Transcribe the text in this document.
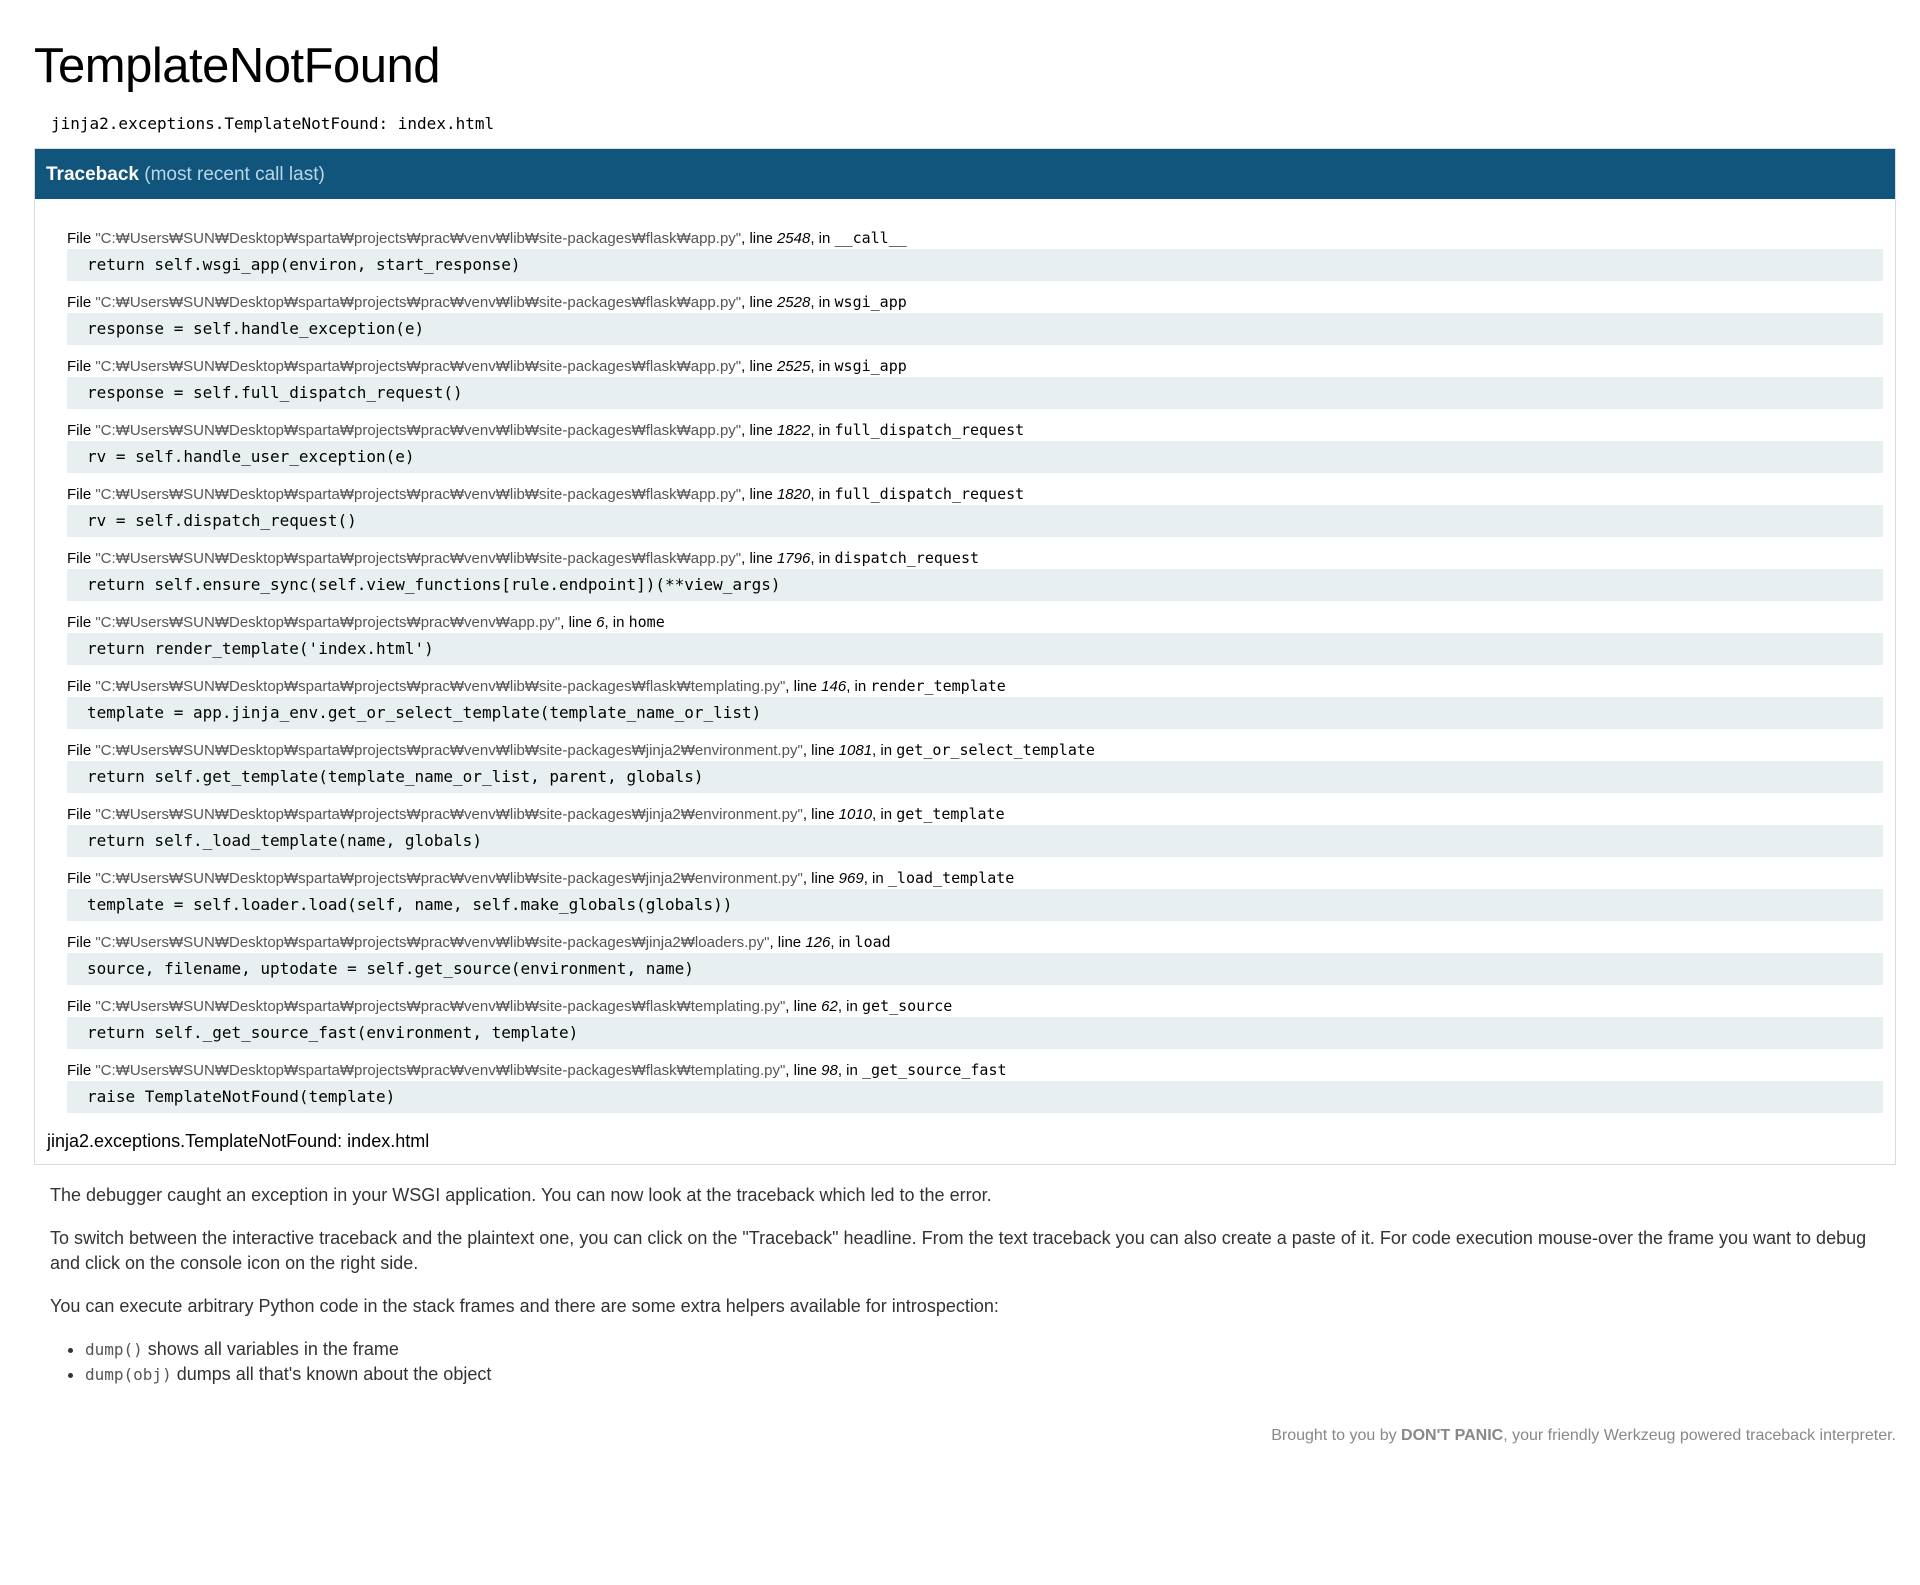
TemplateNotFound
jinja2.exceptions.TemplateNotFound: index.html
Traceback (most recent call last)
File "C:₩Users₩SUN₩Desktop₩sparta₩projects₩prac₩venv₩lib₩site-packages₩flask₩app.py", line 2548, in __call__
return self.wsgi_app(environ, start_response)
File "C:₩Users₩SUN₩Desktop₩sparta₩projects₩prac₩venv₩lib₩site-packages₩flask₩app.py", line 2528, in wsgi_app
response = self.handle_exception(e)
File "C:₩Users₩SUN₩Desktop₩sparta₩projects₩prac₩venv₩lib₩site-packages₩flask₩app.py", line 2525, in wsgi_app
response = self.full_dispatch_request()
File "C:₩Users₩SUN₩Desktop₩sparta₩projects₩prac₩venv₩lib₩site-packages₩flask₩app.py", line 1822, in full_dispatch_request
rv = self.handle_user_exception(e)
File "C:₩Users₩SUN₩Desktop₩sparta₩projects₩prac₩venv₩lib₩site-packages₩flask₩app.py", line 1820, in full_dispatch_request
rv = self.dispatch_request()
File "C:₩Users₩SUN₩Desktop₩sparta₩projects₩prac₩venv₩lib₩site-packages₩flask₩app.py", line 1796, in dispatch_request
return self.ensure_sync(self.view_functions[rule.endpoint])(**view_args)
File "C:₩Users₩SUN₩Desktop₩sparta₩projects₩prac₩venv₩app.py", line 6, in home
return render_template('index.html')
File "C:₩Users₩SUN₩Desktop₩sparta₩projects₩prac₩venv₩lib₩site-packages₩flask₩templating.py", line 146, in render_template
template = app.jinja_env.get_or_select_template(template_name_or_list)
File "C:₩Users₩SUN₩Desktop₩sparta₩projects₩prac₩venv₩lib₩site-packages₩jinja2₩environment.py", line 1081, in get_or_select_template
return self.get_template(template_name_or_list, parent, globals)
File "C:₩Users₩SUN₩Desktop₩sparta₩projects₩prac₩venv₩lib₩site-packages₩jinja2₩environment.py", line 1010, in get_template
return self._load_template(name, globals)
File "C:₩Users₩SUN₩Desktop₩sparta₩projects₩prac₩venv₩lib₩site-packages₩jinja2₩environment.py", line 969, in _load_template
template = self.loader.load(self, name, self.make_globals(globals))
File "C:₩Users₩SUN₩Desktop₩sparta₩projects₩prac₩venv₩lib₩site-packages₩jinja2₩loaders.py", line 126, in load
source, filename, uptodate = self.get_source(environment, name)
File "C:₩Users₩SUN₩Desktop₩sparta₩projects₩prac₩venv₩lib₩site-packages₩flask₩templating.py", line 62, in get_source
return self._get_source_fast(environment, template)
File "C:₩Users₩SUN₩Desktop₩sparta₩projects₩prac₩venv₩lib₩site-packages₩flask₩templating.py", line 98, in _get_source_fast
raise TemplateNotFound(template)
jinja2.exceptions.TemplateNotFound: index.html

The debugger caught an exception in your WSGI application. You can now look at the traceback which led to the error.

To switch between the interactive traceback and the plaintext one, you can click on the "Traceback" headline. From the text traceback you can also create a paste of it. For code execution mouse-over the frame you want to debug and click on the console icon on the right side.

You can execute arbitrary Python code in the stack frames and there are some extra helpers available for introspection:

• dump() shows all variables in the frame
• dump(obj) dumps all that's known about the object
Brought to you by DON'T PANIC, your friendly Werkzeug powered traceback interpreter.
